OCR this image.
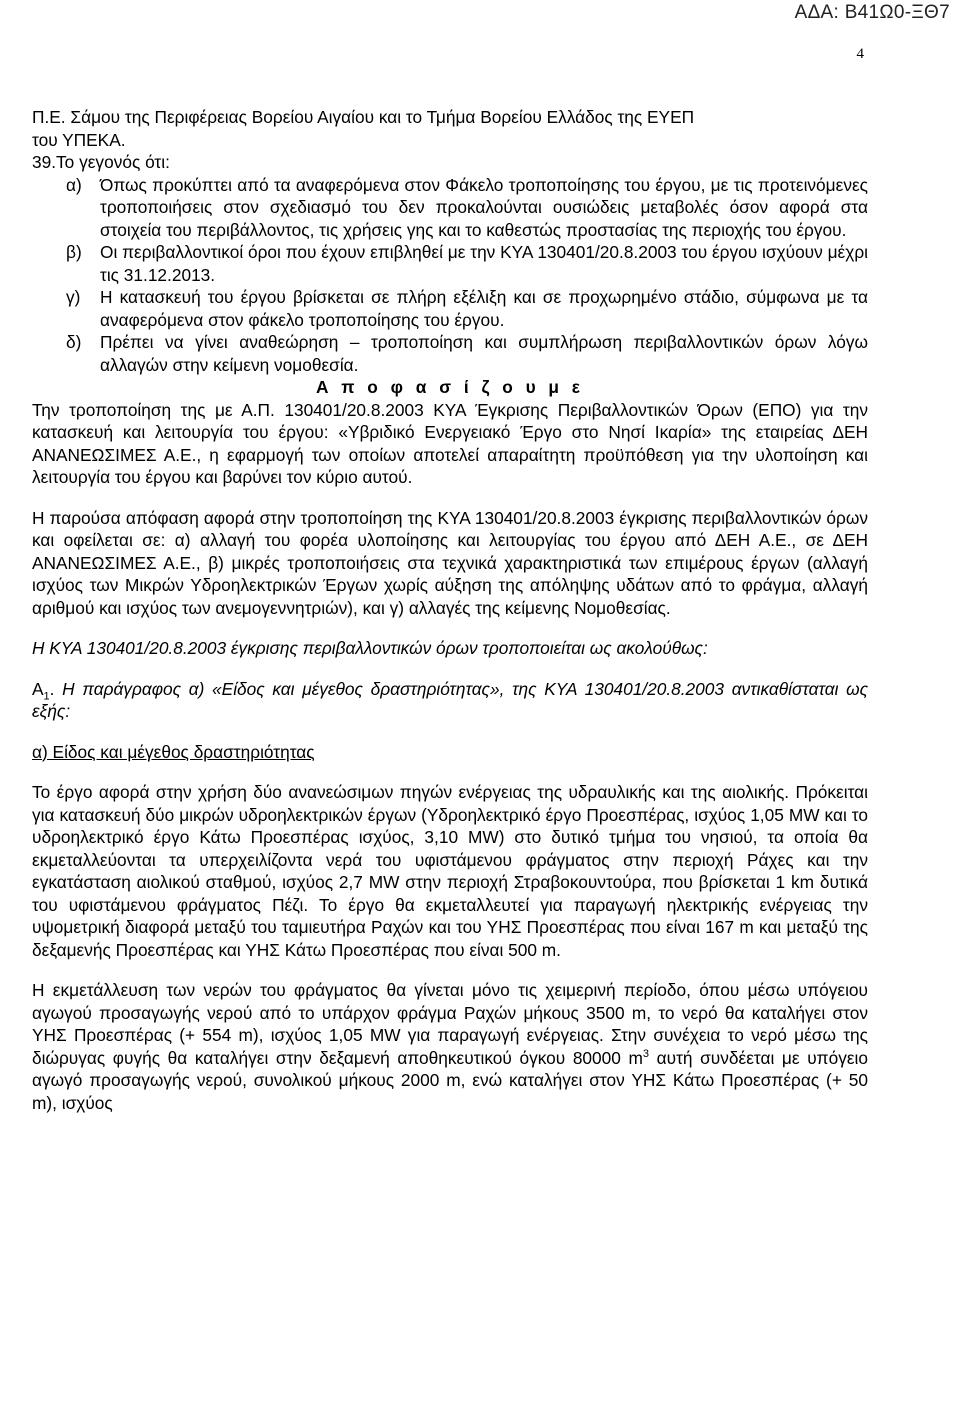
ΑΔΑ: Β41Ω0-ΞΘ7
4

Π.Ε. Σάμου της Περιφέρειας Βορείου Αιγαίου και το Τμήμα Βορείου Ελλάδος της ΕΥΕΠ
του ΥΠΕΚΑ.

39.Το γεγονός ότι:

α)	Όπως προκύπτει από τα αναφερόμενα στον Φάκελο τροποποίησης του έργου, με τις προτεινόμενες τροποποιήσεις στον σχεδιασμό του δεν προκαλούνται ουσιώδεις μεταβολές όσον αφορά στα στοιχεία του περιβάλλοντος, τις χρήσεις γης και το καθεστώς προστασίας της περιοχής του έργου.
β)	Οι περιβαλλοντικοί όροι που έχουν επιβληθεί με την ΚΥΑ 130401/20.8.2003 του έργου ισχύουν μέχρι τις 31.12.2013.
γ)	Η κατασκευή του έργου βρίσκεται σε πλήρη εξέλιξη και σε προχωρημένο στάδιο, σύμφωνα με τα αναφερόμενα στον φάκελο τροποποίησης του έργου.
δ)	Πρέπει να γίνει αναθεώρηση – τροποποίηση και συμπλήρωση περιβαλλοντικών όρων λόγω αλλαγών στην κείμενη νομοθεσία.

Α π ο φ α σ ί ζ ο υ μ ε

Την τροποποίηση της με Α.Π. 130401/20.8.2003 ΚΥΑ Έγκρισης Περιβαλλοντικών Όρων (ΕΠΟ) για την κατασκευή και λειτουργία του έργου: «Υβριδικό Ενεργειακό Έργο στο Νησί Ικαρία» της εταιρείας ΔΕΗ ΑΝΑΝΕΩΣΙΜΕΣ Α.Ε., η εφαρμογή των οποίων αποτελεί απαραίτητη προϋπόθεση για την υλοποίηση και λειτουργία του έργου και βαρύνει τον κύριο αυτού.

Η παρούσα απόφαση αφορά στην τροποποίηση της ΚΥΑ 130401/20.8.2003 έγκρισης περιβαλλοντικών όρων και οφείλεται σε: α) αλλαγή του φορέα υλοποίησης και λειτουργίας του έργου από ΔΕΗ Α.Ε., σε ΔΕΗ ΑΝΑΝΕΩΣΙΜΕΣ Α.Ε., β) μικρές τροποποιήσεις στα τεχνικά χαρακτηριστικά των επιμέρους έργων (αλλαγή ισχύος των Μικρών Υδροηλεκτρικών Έργων χωρίς αύξηση της απόληψης υδάτων από το φράγμα, αλλαγή αριθμού και ισχύος των ανεμογεννητριών), και γ) αλλαγές της κείμενης Νομοθεσίας.

Η ΚΥΑ 130401/20.8.2003 έγκρισης περιβαλλοντικών όρων τροποποιείται ως ακολούθως:

$A_1$. Η παράγραφος α) «Είδος και μέγεθος δραστηριότητας», της ΚΥΑ 130401/20.8.2003 αντικαθίσταται ως εξής:

α) Είδος και μέγεθος δραστηριότητας

Το έργο αφορά στην χρήση δύο ανανεώσιμων πηγών ενέργειας της υδραυλικής και της αιολικής. Πρόκειται για κατασκευή δύο μικρών υδροηλεκτρικών έργων (Υδροηλεκτρικό έργο Προεσπέρας, ισχύος 1,05 MW και το υδροηλεκτρικό έργο Κάτω Προεσπέρας ισχύος, 3,10 MW) στο δυτικό τμήμα του νησιού, τα οποία θα εκμεταλλεύονται τα υπερχειλίζοντα νερά του υφιστάμενου φράγματος στην περιοχή Ράχες και την εγκατάσταση αιολικού σταθμού, ισχύος 2,7 MW στην περιοχή Στραβοκουντούρα, που βρίσκεται 1 km δυτικά του υφιστάμενου φράγματος Πέζι. Το έργο θα εκμεταλλευτεί για παραγωγή ηλεκτρικής ενέργειας την υψομετρική διαφορά μεταξύ του ταμιευτήρα Ραχών και του ΥΗΣ Προεσπέρας που είναι 167 m και μεταξύ της δεξαμενής Προεσπέρας και ΥΗΣ Κάτω Προεσπέρας που είναι 500 m.

Η εκμετάλλευση των νερών του φράγματος θα γίνεται μόνο τις χειμερινή περίοδο, όπου μέσω υπόγειου αγωγού προσαγωγής νερού από το υπάρχον φράγμα Ραχών μήκους 3500 m, το νερό θα καταλήγει στον ΥΗΣ Προεσπέρας (+ 554 m), ισχύος 1,05 MW για παραγωγή ενέργειας. Στην συνέχεια το νερό μέσω της διώρυγας φυγής θα καταλήγει στην δεξαμενή αποθηκευτικού όγκου 80000 $m^3$ αυτή συνδέεται με υπόγειο αγωγό προσαγωγής νερού, συνολικού μήκους 2000 m, ενώ καταλήγει στον ΥΗΣ Κάτω Προεσπέρας (+ 50 m), ισχύος
